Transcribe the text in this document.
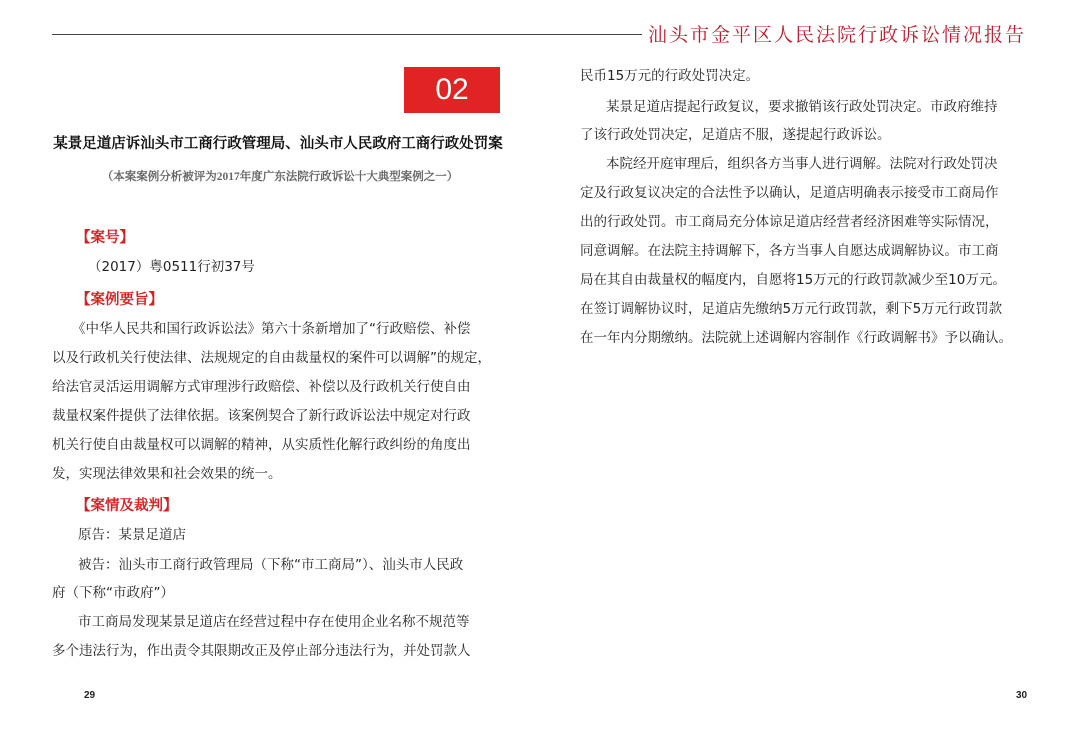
汕头市金平区人民法院行政诉讼情况报告
02
某景足道店诉汕头市工商行政管理局、汕头市人民政府工商行政处罚案
（本案案例分析被评为2017年度广东法院行政诉讼十大典型案例之一）
【案号】
（2017）粤0511行初37号
【案例要旨】
《中华人民共和国行政诉讼法》第六十条新增加了“行政赔偿、补偿
以及行政机关行使法律、法规规定的自由裁量权的案件可以调解”的规定，
给法官灵活运用调解方式审理涉行政赔偿、补偿以及行政机关行使自由
裁量权案件提供了法律依据。该案例契合了新行政诉讼法中规定对行政
机关行使自由裁量权可以调解的精神，从实质性化解行政纠纷的角度出
发，实现法律效果和社会效果的统一。
【案情及裁判】
原告：某景足道店
被告：汕头市工商行政管理局（下称“市工商局”）、汕头市人民政
府（下称“市政府”）
市工商局发现某景足道店在经营过程中存在使用企业名称不规范等
多个违法行为，作出责令其限期改正及停止部分违法行为，并处罚款人
民币15万元的行政处罚决定。
某景足道店提起行政复议，要求撤销该行政处罚决定。市政府维持
了该行政处罚决定，足道店不服，遂提起行政诉讼。
本院经开庭审理后，组织各方当事人进行调解。法院对行政处罚决
定及行政复议决定的合法性予以确认，足道店明确表示接受市工商局作
出的行政处罚。市工商局充分体谅足道店经营者经济困难等实际情况，
同意调解。在法院主持调解下，各方当事人自愿达成调解协议。市工商
局在其自由裁量权的幅度内，自愿将15万元的行政罚款减少至10万元。
在签订调解协议时，足道店先缴纳5万元行政罚款，剩下5万元行政罚款
在一年内分期缴纳。法院就上述调解内容制作《行政调解书》予以确认。
29	30
